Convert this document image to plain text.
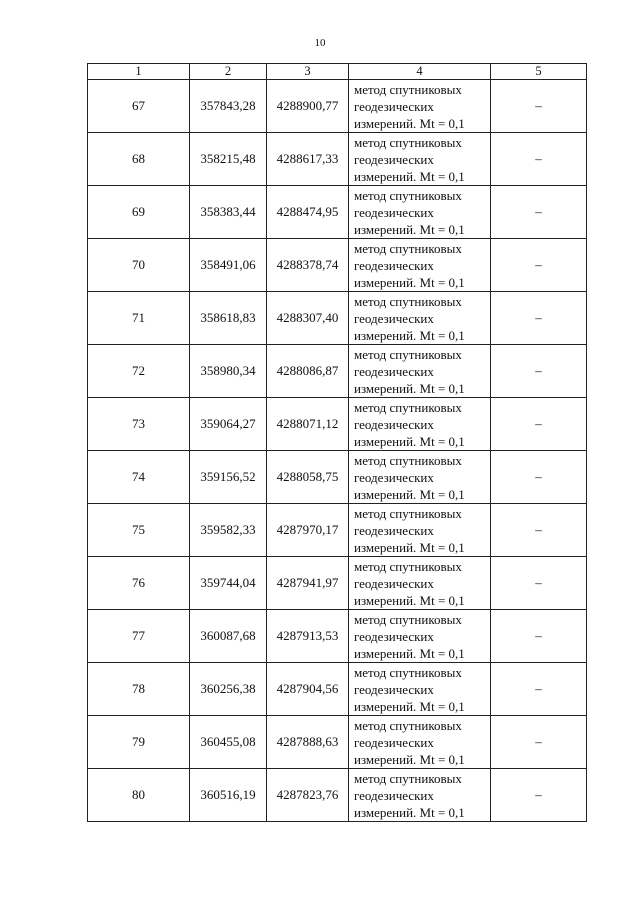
10
1	2	3	4	5
67	357843,28	4288900,77	метод спутниковых
геодезических
измерений. Mt = 0,1	–
68	358215,48	4288617,33	метод спутниковых
геодезических
измерений. Mt = 0,1	–
69	358383,44	4288474,95	метод спутниковых
геодезических
измерений. Mt = 0,1	–
70	358491,06	4288378,74	метод спутниковых
геодезических
измерений. Mt = 0,1	–
71	358618,83	4288307,40	метод спутниковых
геодезических
измерений. Mt = 0,1	–
72	358980,34	4288086,87	метод спутниковых
геодезических
измерений. Mt = 0,1	–
73	359064,27	4288071,12	метод спутниковых
геодезических
измерений. Mt = 0,1	–
74	359156,52	4288058,75	метод спутниковых
геодезических
измерений. Mt = 0,1	–
75	359582,33	4287970,17	метод спутниковых
геодезических
измерений. Mt = 0,1	–
76	359744,04	4287941,97	метод спутниковых
геодезических
измерений. Mt = 0,1	–
77	360087,68	4287913,53	метод спутниковых
геодезических
измерений. Mt = 0,1	–
78	360256,38	4287904,56	метод спутниковых
геодезических
измерений. Mt = 0,1	–
79	360455,08	4287888,63	метод спутниковых
геодезических
измерений. Mt = 0,1	–
80	360516,19	4287823,76	метод спутниковых
геодезических
измерений. Mt = 0,1	–
